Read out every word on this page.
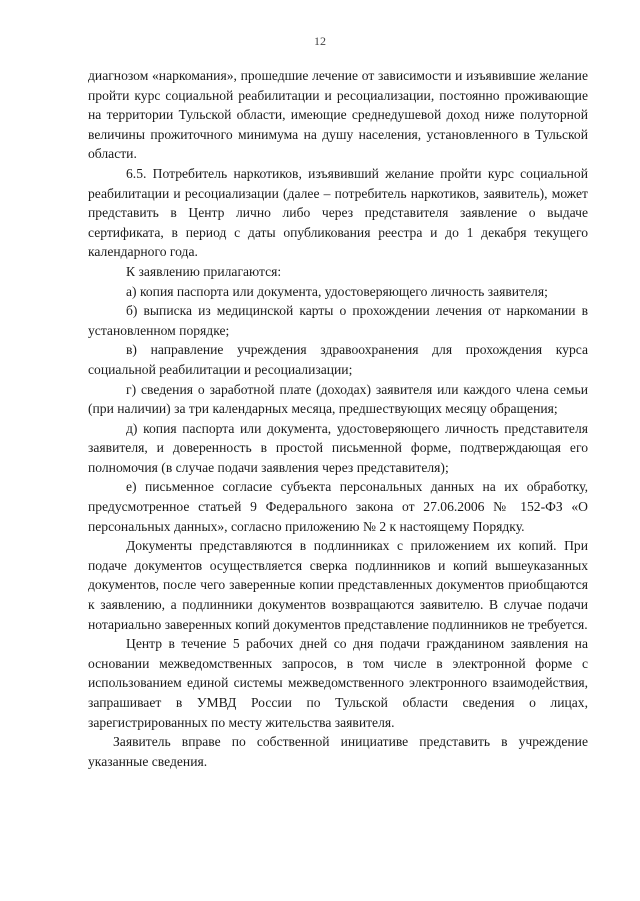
12

диагнозом «наркомания», прошедшие лечение от зависимости и изъявившие желание пройти курс социальной реабилитации и ресоциализации, постоянно проживающие на территории Тульской области, имеющие среднедушевой доход ниже полуторной величины прожиточного минимума на душу населения, установленного в Тульской области.

6.5. Потребитель наркотиков, изъявивший желание пройти курс социальной реабилитации и ресоциализации (далее – потребитель наркотиков, заявитель), может представить в Центр лично либо через представителя заявление о выдаче сертификата, в период с даты опубликования реестра и до 1 декабря текущего календарного года.

К заявлению прилагаются:

а) копия паспорта или документа, удостоверяющего личность заявителя;

б) выписка из медицинской карты о прохождении лечения от наркомании в установленном порядке;

в) направление учреждения здравоохранения для прохождения курса социальной реабилитации и ресоциализации;

г) сведения о заработной плате (доходах) заявителя или каждого члена семьи (при наличии) за три календарных месяца, предшествующих месяцу обращения;

д) копия паспорта или документа, удостоверяющего личность представителя заявителя, и доверенность в простой письменной форме, подтверждающая его полномочия (в случае подачи заявления через представителя);

е) письменное согласие субъекта персональных данных на их обработку, предусмотренное статьей 9 Федерального закона от 27.06.2006 № 152-ФЗ «О персональных данных», согласно приложению № 2 к настоящему Порядку.

Документы представляются в подлинниках с приложением их копий. При подаче документов осуществляется сверка подлинников и копий вышеуказанных документов, после чего заверенные копии представленных документов приобщаются к заявлению, а подлинники документов возвращаются заявителю. В случае подачи нотариально заверенных копий документов представление подлинников не требуется.

Центр в течение 5 рабочих дней со дня подачи гражданином заявления на основании межведомственных запросов, в том числе в электронной форме с использованием единой системы межведомственного электронного взаимодействия, запрашивает в УМВД России по Тульской области сведения о лицах, зарегистрированных по месту жительства заявителя.

Заявитель вправе по собственной инициативе представить в учреждение указанные сведения.
